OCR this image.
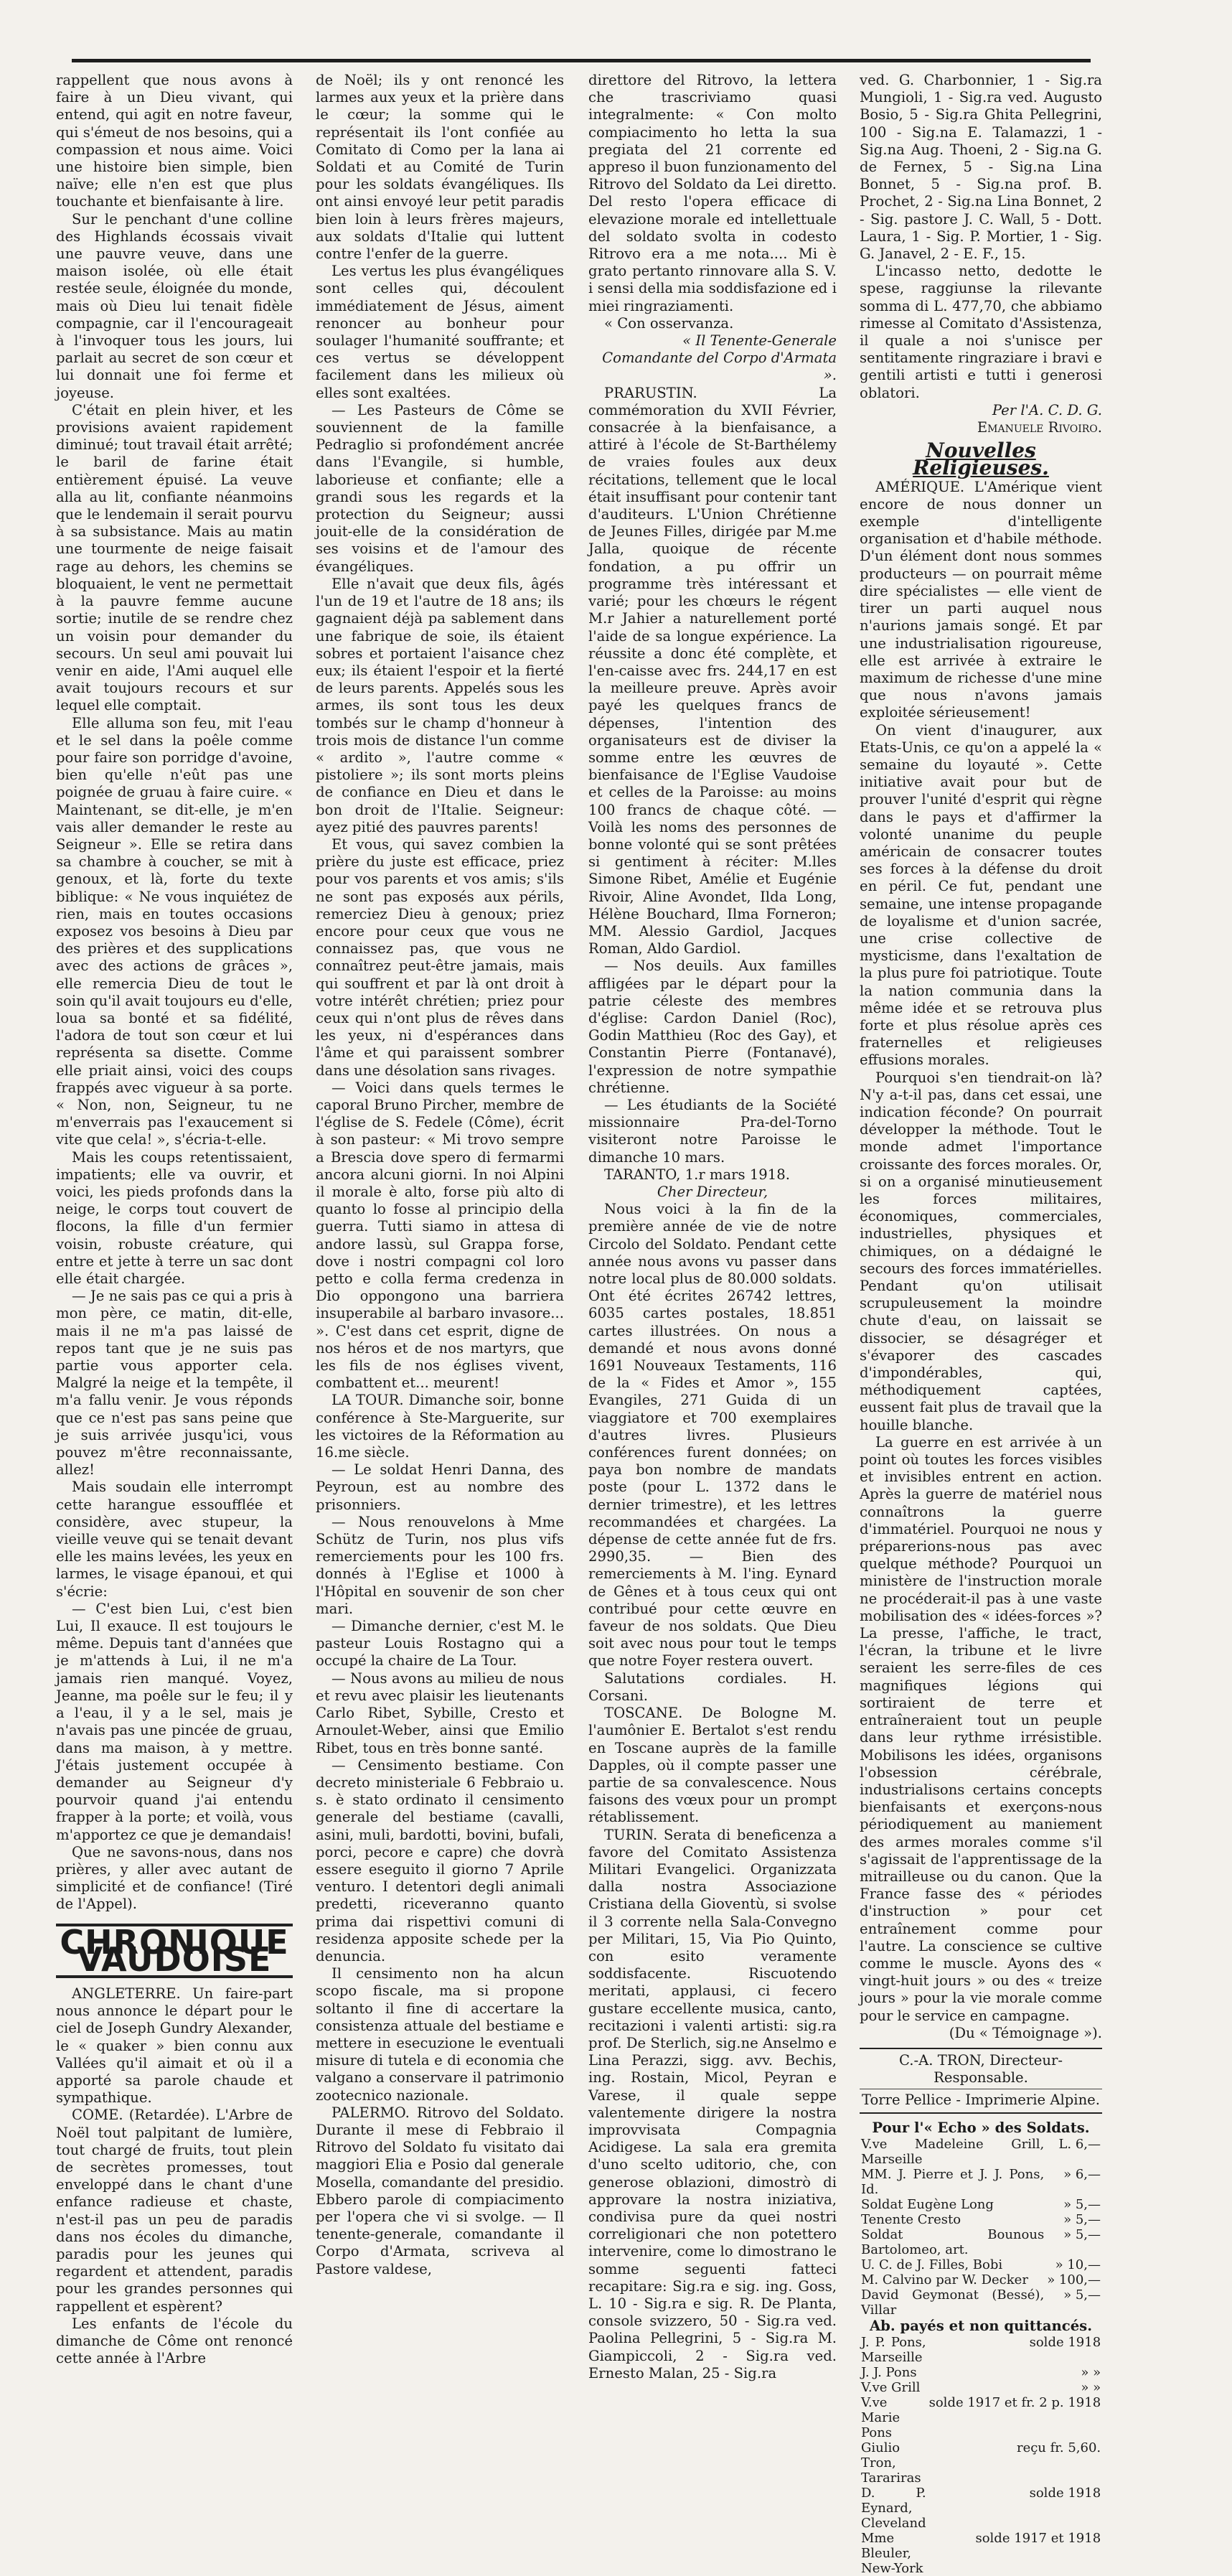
rappellent que nous avons à faire à un Dieu vivant, qui entend, qui agit en notre faveur, qui s'émeut de nos besoins, qui a compassion et nous aime. Voici une histoire bien simple, bien naïve; elle n'en est que plus touchante et bienfaisante à lire.

Sur le penchant d'une colline des Highlands écossais vivait une pauvre veuve, dans une maison isolée, où elle était restée seule, éloignée du monde, mais où Dieu lui tenait fidèle compagnie, car il l'encourageait à l'invoquer tous les jours, lui parlait au secret de son cœur et lui donnait une foi ferme et joyeuse.

C'était en plein hiver, et les provisions avaient rapidement diminué; tout travail était arrêté; le baril de farine était entièrement épuisé. La veuve alla au lit, confiante néanmoins que le lendemain il serait pourvu à sa subsistance. Mais au matin une tourmente de neige faisait rage au dehors, les chemins se bloquaient, le vent ne permettait à la pauvre femme aucune sortie; inutile de se rendre chez un voisin pour demander du secours. Un seul ami pouvait lui venir en aide, l'Ami auquel elle avait toujours recours et sur lequel elle comptait.

Elle alluma son feu, mit l'eau et le sel dans la poêle comme pour faire son porridge d'avoine, bien qu'elle n'eût pas une poignée de gruau à faire cuire. « Maintenant, se dit-elle, je m'en vais aller demander le reste au Seigneur ». Elle se retira dans sa chambre à coucher, se mit à genoux, et là, forte du texte biblique: « Ne vous inquiétez de rien, mais en toutes occasions exposez vos besoins à Dieu par des prières et des supplications avec des actions de grâces », elle remercia Dieu de tout le soin qu'il avait toujours eu d'elle, loua sa bonté et sa fidélité, l'adora de tout son cœur et lui représenta sa disette. Comme elle priait ainsi, voici des coups frappés avec vigueur à sa porte. « Non, non, Seigneur, tu ne m'enverrais pas l'exaucement si vite que cela! », s'écria-t-elle.

Mais les coups retentissaient, impatients; elle va ouvrir, et voici, les pieds profonds dans la neige, le corps tout couvert de flocons, la fille d'un fermier voisin, robuste créature, qui entre et jette à terre un sac dont elle était chargée.

— Je ne sais pas ce qui a pris à mon père, ce matin, dit-elle, mais il ne m'a pas laissé de repos tant que je ne suis pas partie vous apporter cela. Malgré la neige et la tempête, il m'a fallu venir. Je vous réponds que ce n'est pas sans peine que je suis arrivée jusqu'ici, vous pouvez m'être reconnaissante, allez!

Mais soudain elle interrompt cette harangue essoufflée et considère, avec stupeur, la vieille veuve qui se tenait devant elle les mains levées, les yeux en larmes, le visage épanoui, et qui s'écrie:

— C'est bien Lui, c'est bien Lui, Il exauce. Il est toujours le même. Depuis tant d'années que je m'attends à Lui, il ne m'a jamais rien manqué. Voyez, Jeanne, ma poêle sur le feu; il y a l'eau, il y a le sel, mais je n'avais pas une pincée de gruau, dans ma maison, à y mettre. J'étais justement occupée à demander au Seigneur d'y pourvoir quand j'ai entendu frapper à la porte; et voilà, vous m'apportez ce que je demandais!

Que ne savons-nous, dans nos prières, y aller avec autant de simplicité et de confiance! (Tiré de l'Appel).

CHRONIQUE VAUDOISE

ANGLETERRE. Un faire-part nous annonce le départ pour le ciel de Joseph Gundry Alexander, le « quaker » bien connu aux Vallées qu'il aimait et où il a apporté sa parole chaude et sympathique.

COME. (Retardée). L'Arbre de Noël tout palpitant de lumière, tout chargé de fruits, tout plein de secrètes promesses, tout enveloppé dans le chant d'une enfance radieuse et chaste, n'est-il pas un peu de paradis dans nos écoles du dimanche, paradis pour les jeunes qui regardent et attendent, paradis pour les grandes personnes qui rappellent et espèrent?

Les enfants de l'école du dimanche de Côme ont renoncé cette année à l'Arbre

de Noël; ils y ont renoncé les larmes aux yeux et la prière dans le cœur; la somme qui le représentait ils l'ont confiée au Comitato di Como per la lana ai Soldati et au Comité de Turin pour les soldats évangéliques. Ils ont ainsi envoyé leur petit paradis bien loin à leurs frères majeurs, aux soldats d'Italie qui luttent contre l'enfer de la guerre.

Les vertus les plus évangéliques sont celles qui, découlent immédiatement de Jésus, aiment renoncer au bonheur pour soulager l'humanité souffrante; et ces vertus se développent facilement dans les milieux où elles sont exaltées.

— Les Pasteurs de Côme se souviennent de la famille Pedraglio si profondément ancrée dans l'Evangile, si humble, laborieuse et confiante; elle a grandi sous les regards et la protection du Seigneur; aussi jouit-elle de la considération de ses voisins et de l'amour des évangéliques.

Elle n'avait que deux fils, âgés l'un de 19 et l'autre de 18 ans; ils gagnaient déjà pa sablement dans une fabrique de soie, ils étaient sobres et portaient l'aisance chez eux; ils étaient l'espoir et la fierté de leurs parents. Appelés sous les armes, ils sont tous les deux tombés sur le champ d'honneur à trois mois de distance l'un comme « ardito », l'autre comme « pistoliere »; ils sont morts pleins de confiance en Dieu et dans le bon droit de l'Italie. Seigneur: ayez pitié des pauvres parents!

Et vous, qui savez combien la prière du juste est efficace, priez pour vos parents et vos amis; s'ils ne sont pas exposés aux périls, remerciez Dieu à genoux; priez encore pour ceux que vous ne connaissez pas, que vous ne connaîtrez peut-être jamais, mais qui souffrent et par là ont droit à votre intérêt chrétien; priez pour ceux qui n'ont plus de rêves dans les yeux, ni d'espérances dans l'âme et qui paraissent sombrer dans une désolation sans rivages.

— Voici dans quels termes le caporal Bruno Pircher, membre de l'église de S. Fedele (Côme), écrit à son pasteur: « Mi trovo sempre a Brescia dove spero di fermarmi ancora alcuni giorni. In noi Alpini il morale è alto, forse più alto di quanto lo fosse al principio della guerra. Tutti siamo in attesa di andore lassù, sul Grappa forse, dove i nostri compagni col loro petto e colla ferma credenza in Dio oppongono una barriera insuperabile al barbaro invasore... ». C'est dans cet esprit, digne de nos héros et de nos martyrs, que les fils de nos églises vivent, combattent et... meurent!

LA TOUR. Dimanche soir, bonne conférence à Ste-Marguerite, sur les victoires de la Réformation au 16.me siècle.

— Le soldat Henri Danna, des Peyroun, est au nombre des prisonniers.

— Nous renouvelons à Mme Schütz de Turin, nos plus vifs remerciements pour les 100 frs. donnés à l'Eglise et 1000 à l'Hôpital en souvenir de son cher mari.

— Dimanche dernier, c'est M. le pasteur Louis Rostagno qui a occupé la chaire de La Tour.

— Nous avons au milieu de nous et revu avec plaisir les lieutenants Carlo Ribet, Sybille, Cresto et Arnoulet-Weber, ainsi que Emilio Ribet, tous en très bonne santé.

— Censimento bestiame. Con decreto ministeriale 6 Febbraio u. s. è stato ordinato il censimento generale del bestiame (cavalli, asini, muli, bardotti, bovini, bufali, porci, pecore e capre) che dovrà essere eseguito il giorno 7 Aprile venturo. I detentori degli animali predetti, riceveranno quanto prima dai rispettivi comuni di residenza apposite schede per la denuncia.

Il censimento non ha alcun scopo fiscale, ma si propone soltanto il fine di accertare la consistenza attuale del bestiame e mettere in esecuzione le eventuali misure di tutela e di economia che valgano a conservare il patrimonio zootecnico nazionale.

PALERMO. Ritrovo del Soldato. Durante il mese di Febbraio il Ritrovo del Soldato fu visitato dai maggiori Elia e Posio dal generale Mosella, comandante del presidio. Ebbero parole di compiacimento per l'opera che vi si svolge. — Il tenente-generale, comandante il Corpo d'Armata, scriveva al Pastore valdese,

direttore del Ritrovo, la lettera che trascriviamo quasi integralmente: « Con molto compiacimento ho letta la sua pregiata del 21 corrente ed appreso il buon funzionamento del Ritrovo del Soldato da Lei diretto. Del resto l'opera efficace di elevazione morale ed intellettuale del soldato svolta in codesto Ritrovo era a me nota.... Mi è grato pertanto rinnovare alla S. V. i sensi della mia soddisfazione ed i miei ringraziamenti.

« Con osservanza.

« Il Tenente-Generale Comandante del Corpo d'Armata ».

PRARUSTIN. La commémoration du XVII Février, consacrée à la bienfaisance, a attiré à l'école de St-Barthélemy de vraies foules aux deux récitations, tellement que le local était insuffisant pour contenir tant d'auditeurs. L'Union Chrétienne de Jeunes Filles, dirigée par M.me Jalla, quoique de récente fondation, a pu offrir un programme très intéressant et varié; pour les chœurs le régent M.r Jahier a naturellement porté l'aide de sa longue expérience. La réussite a donc été complète, et l'en-caisse avec frs. 244,17 en est la meilleure preuve. Après avoir payé les quelques francs de dépenses, l'intention des organisateurs est de diviser la somme entre les œuvres de bienfaisance de l'Eglise Vaudoise et celles de la Paroisse: au moins 100 francs de chaque côté. — Voilà les noms des personnes de bonne volonté qui se sont prêtées si gentiment à réciter: M.lles Simone Ribet, Amélie et Eugénie Rivoir, Aline Avondet, Ilda Long, Hélène Bouchard, Ilma Forneron; MM. Alessio Gardiol, Jacques Roman, Aldo Gardiol.

— Nos deuils. Aux familles affligées par le départ pour la patrie céleste des membres d'église: Cardon Daniel (Roc), Godin Matthieu (Roc des Gay), et Constantin Pierre (Fontanavé), l'expression de notre sympathie chrétienne.

— Les étudiants de la Société missionnaire Pra-del-Torno visiteront notre Paroisse le dimanche 10 mars.

TARANTO, 1.r mars 1918.

Cher Directeur,

Nous voici à la fin de la première année de vie de notre Circolo del Soldato. Pendant cette année nous avons vu passer dans notre local plus de 80.000 soldats. Ont été écrites 26742 lettres, 6035 cartes postales, 18.851 cartes illustrées. On nous a demandé et nous avons donné 1691 Nouveaux Testaments, 116 de la « Fides et Amor », 155 Evangiles, 271 Guida di un viaggiatore et 700 exemplaires d'autres livres. Plusieurs conférences furent données; on paya bon nombre de mandats poste (pour L. 1372 dans le dernier trimestre), et les lettres recommandées et chargées. La dépense de cette année fut de frs. 2990,35. — Bien des remerciements à M. l'ing. Eynard de Gênes et à tous ceux qui ont contribué pour cette œuvre en faveur de nos soldats. Que Dieu soit avec nous pour tout le temps que notre Foyer restera ouvert.

Salutations cordiales. H. Corsani.

TOSCANE. De Bologne M. l'aumônier E. Bertalot s'est rendu en Toscane auprès de la famille Dapples, où il compte passer une partie de sa convalescence. Nous faisons des vœux pour un prompt rétablissement.

TURIN. Serata di beneficenza a favore del Comitato Assistenza Militari Evangelici. Organizzata dalla nostra Associazione Cristiana della Gioventù, si svolse il 3 corrente nella Sala-Convegno per Militari, 15, Via Pio Quinto, con esito veramente soddisfacente. Riscuotendo meritati, applausi, ci fecero gustare eccellente musica, canto, recitazioni i valenti artisti: sig.ra prof. De Sterlich, sig.ne Anselmo e Lina Perazzi, sigg. avv. Bechis, ing. Rostain, Micol, Peyran e Varese, il quale seppe valentemente dirigere la nostra improvvisata Compagnia Acidigese. La sala era gremita d'uno scelto uditorio, che, con generose oblazioni, dimostrò di approvare la nostra iniziativa, condivisa pure da quei nostri correligionari che non potettero intervenire, come lo dimostrano le somme seguenti fatteci recapitare: Sig.ra e sig. ing. Goss, L. 10 - Sig.ra e sig. R. De Planta, console svizzero, 50 - Sig.ra ved. Paolina Pellegrini, 5 - Sig.ra M. Giampiccoli, 2 - Sig.ra ved. Ernesto Malan, 25 - Sig.ra

ved. G. Charbonnier, 1 - Sig.ra Mungioli, 1 - Sig.ra ved. Augusto Bosio, 5 - Sig.ra Ghita Pellegrini, 100 - Sig.na E. Talamazzi, 1 - Sig.na Aug. Thoeni, 2 - Sig.na G. de Fernex, 5 - Sig.na Lina Bonnet, 5 - Sig.na prof. B. Prochet, 2 - Sig.na Lina Bonnet, 2 - Sig. pastore J. C. Wall, 5 - Dott. Laura, 1 - Sig. P. Mortier, 1 - Sig. G. Janavel, 2 - E. F., 15.

L'incasso netto, dedotte le spese, raggiunse la rilevante somma di L. 477,70, che abbiamo rimesse al Comitato d'Assistenza, il quale a noi s'unisce per sentitamente ringraziare i bravi e gentili artisti e tutti i generosi oblatori.

Per l'A. C. D. G.

Emanuele Rivoiro.

Nouvelles Religieuses.

AMÉRIQUE. L'Amérique vient encore de nous donner un exemple d'intelligente organisation et d'habile méthode. D'un élément dont nous sommes producteurs — on pourrait même dire spécialistes — elle vient de tirer un parti auquel nous n'aurions jamais songé. Et par une industrialisation rigoureuse, elle est arrivée à extraire le maximum de richesse d'une mine que nous n'avons jamais exploitée sérieusement!

On vient d'inaugurer, aux Etats-Unis, ce qu'on a appelé la « semaine du loyauté ». Cette initiative avait pour but de prouver l'unité d'esprit qui règne dans le pays et d'affirmer la volonté unanime du peuple américain de consacrer toutes ses forces à la défense du droit en péril. Ce fut, pendant une semaine, une intense propagande de loyalisme et d'union sacrée, une crise collective de mysticisme, dans l'exaltation de la plus pure foi patriotique. Toute la nation communia dans la même idée et se retrouva plus forte et plus résolue après ces fraternelles et religieuses effusions morales.

Pourquoi s'en tiendrait-on là? N'y a-t-il pas, dans cet essai, une indication féconde? On pourrait développer la méthode. Tout le monde admet l'importance croissante des forces morales. Or, si on a organisé minutieusement les forces militaires, économiques, commerciales, industrielles, physiques et chimiques, on a dédaigné le secours des forces immatérielles. Pendant qu'on utilisait scrupuleusement la moindre chute d'eau, on laissait se dissocier, se désagréger et s'évaporer des cascades d'impondérables, qui, méthodiquement captées, eussent fait plus de travail que la houille blanche.

La guerre en est arrivée à un point où toutes les forces visibles et invisibles entrent en action. Après la guerre de matériel nous connaîtrons la guerre d'immatériel. Pourquoi ne nous y préparerions-nous pas avec quelque méthode? Pourquoi un ministère de l'instruction morale ne procéderait-il pas à une vaste mobilisation des « idées-forces »? La presse, l'affiche, le tract, l'écran, la tribune et le livre seraient les serre-files de ces magnifiques légions qui sortiraient de terre et entraîneraient tout un peuple dans leur rythme irrésistible. Mobilisons les idées, organisons l'obsession cérébrale, industrialisons certains concepts bienfaisants et exerçons-nous périodiquement au maniement des armes morales comme s'il s'agissait de l'apprentissage de la mitrailleuse ou du canon. Que la France fasse des « périodes d'instruction » pour cet entraînement comme pour l'autre. La conscience se cultive comme le muscle. Ayons des « vingt-huit jours » ou des « treize jours » pour la vie morale comme pour le service en campagne.

(Du « Témoignage »).

C.-A. TRON, Directeur-Responsable.
Torre Pellice - Imprimerie Alpine.

Pour l'« Echo » des Soldats.

V.ve Madeleine Grill, Marseille	L. 6,—
MM. J. Pierre et J. J. Pons, Id.	» 6,—
Soldat Eugène Long	» 5,—
Tenente Cresto	» 5,—
Soldat Bounous Bartolomeo, art.	» 5,—
U. C. de J. Filles, Bobi	» 10,—
M. Calvino par W. Decker	» 100,—
David Geymonat (Bessé), Villar	» 5,—

Ab. payés et non quittancés.

J. P. Pons, Marseille	solde 1918
J. J. Pons	» »
V.ve Grill	» »
V.ve Marie Pons	solde 1917 et fr. 2 p. 1918
Giulio Tron, Tarariras	reçu fr. 5,60.
D. P. Eynard, Cleveland	solde 1918
Mme Bleuler, New-York	solde 1917 et 1918
